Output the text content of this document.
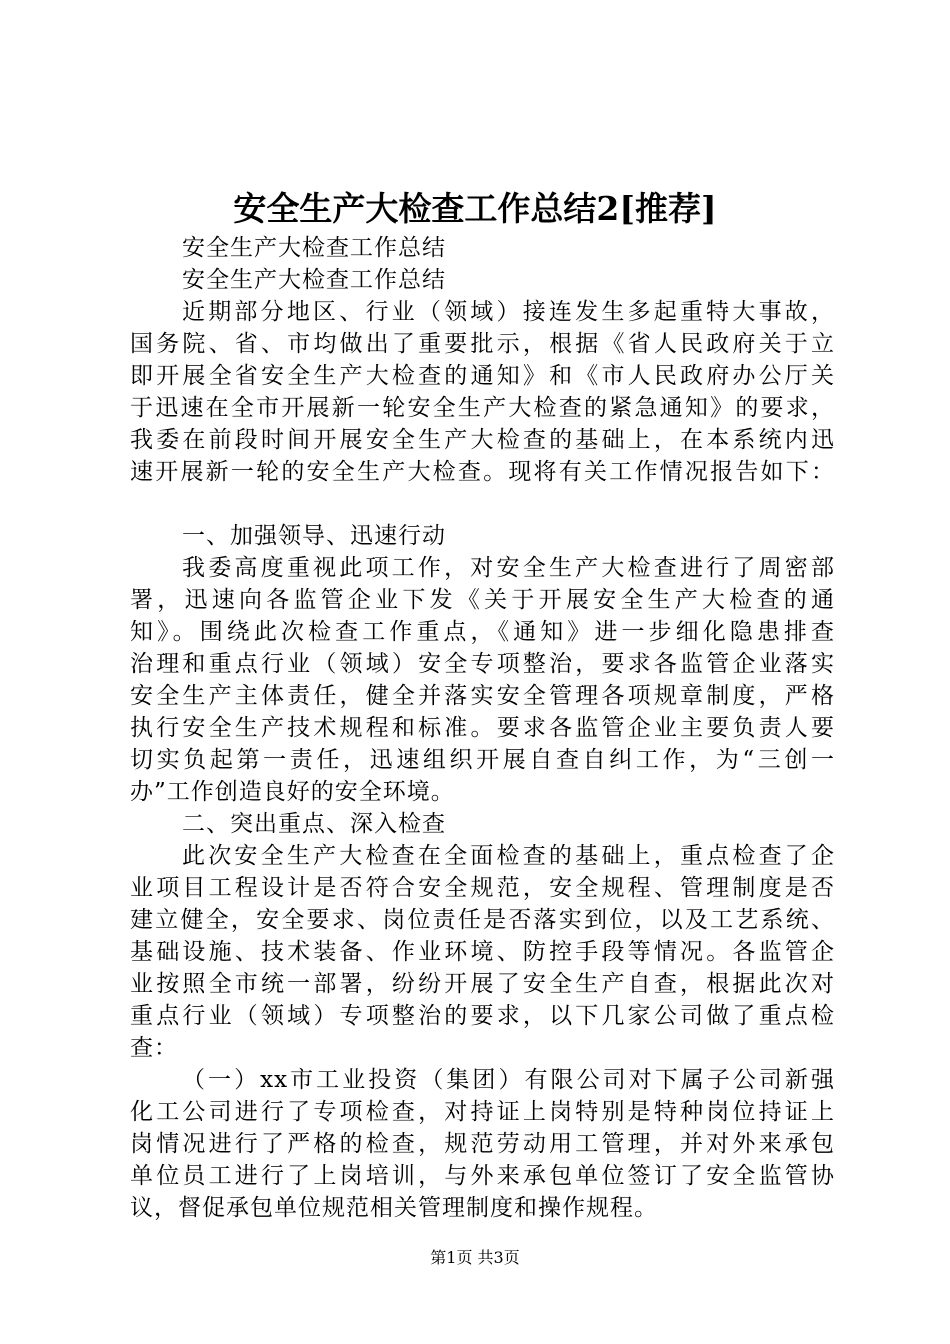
安全生产大检查工作总结2[推荐]
安全生产大检查工作总结
安全生产大检查工作总结
近期部分地区、行业（领域）接连发生多起重特大事故，
国务院、省、市均做出了重要批示，根据《省人民政府关于立
即开展全省安全生产大检查的通知》和《市人民政府办公厅关
于迅速在全市开展新一轮安全生产大检查的紧急通知》的要求，
我委在前段时间开展安全生产大检查的基础上，在本系统内迅
速开展新一轮的安全生产大检查。现将有关工作情况报告如下：
一、加强领导、迅速行动
我委高度重视此项工作，对安全生产大检查进行了周密部
署，迅速向各监管企业下发《关于开展安全生产大检查的通
知》。围绕此次检查工作重点，《通知》进一步细化隐患排查
治理和重点行业（领域）安全专项整治，要求各监管企业落实
安全生产主体责任，健全并落实安全管理各项规章制度，严格
执行安全生产技术规程和标准。要求各监管企业主要负责人要
切实负起第一责任，迅速组织开展自查自纠工作，为“三创一
办”工作创造良好的安全环境。
二、突出重点、深入检查
此次安全生产大检查在全面检查的基础上，重点检查了企
业项目工程设计是否符合安全规范，安全规程、管理制度是否
建立健全，安全要求、岗位责任是否落实到位，以及工艺系统、
基础设施、技术装备、作业环境、防控手段等情况。各监管企
业按照全市统一部署，纷纷开展了安全生产自查，根据此次对
重点行业（领域）专项整治的要求，以下几家公司做了重点检
查：
（一）xx市工业投资（集团）有限公司对下属子公司新强
化工公司进行了专项检查，对持证上岗特别是特种岗位持证上
岗情况进行了严格的检查，规范劳动用工管理，并对外来承包
单位员工进行了上岗培训，与外来承包单位签订了安全监管协
议，督促承包单位规范相关管理制度和操作规程。
第1页 共3页
